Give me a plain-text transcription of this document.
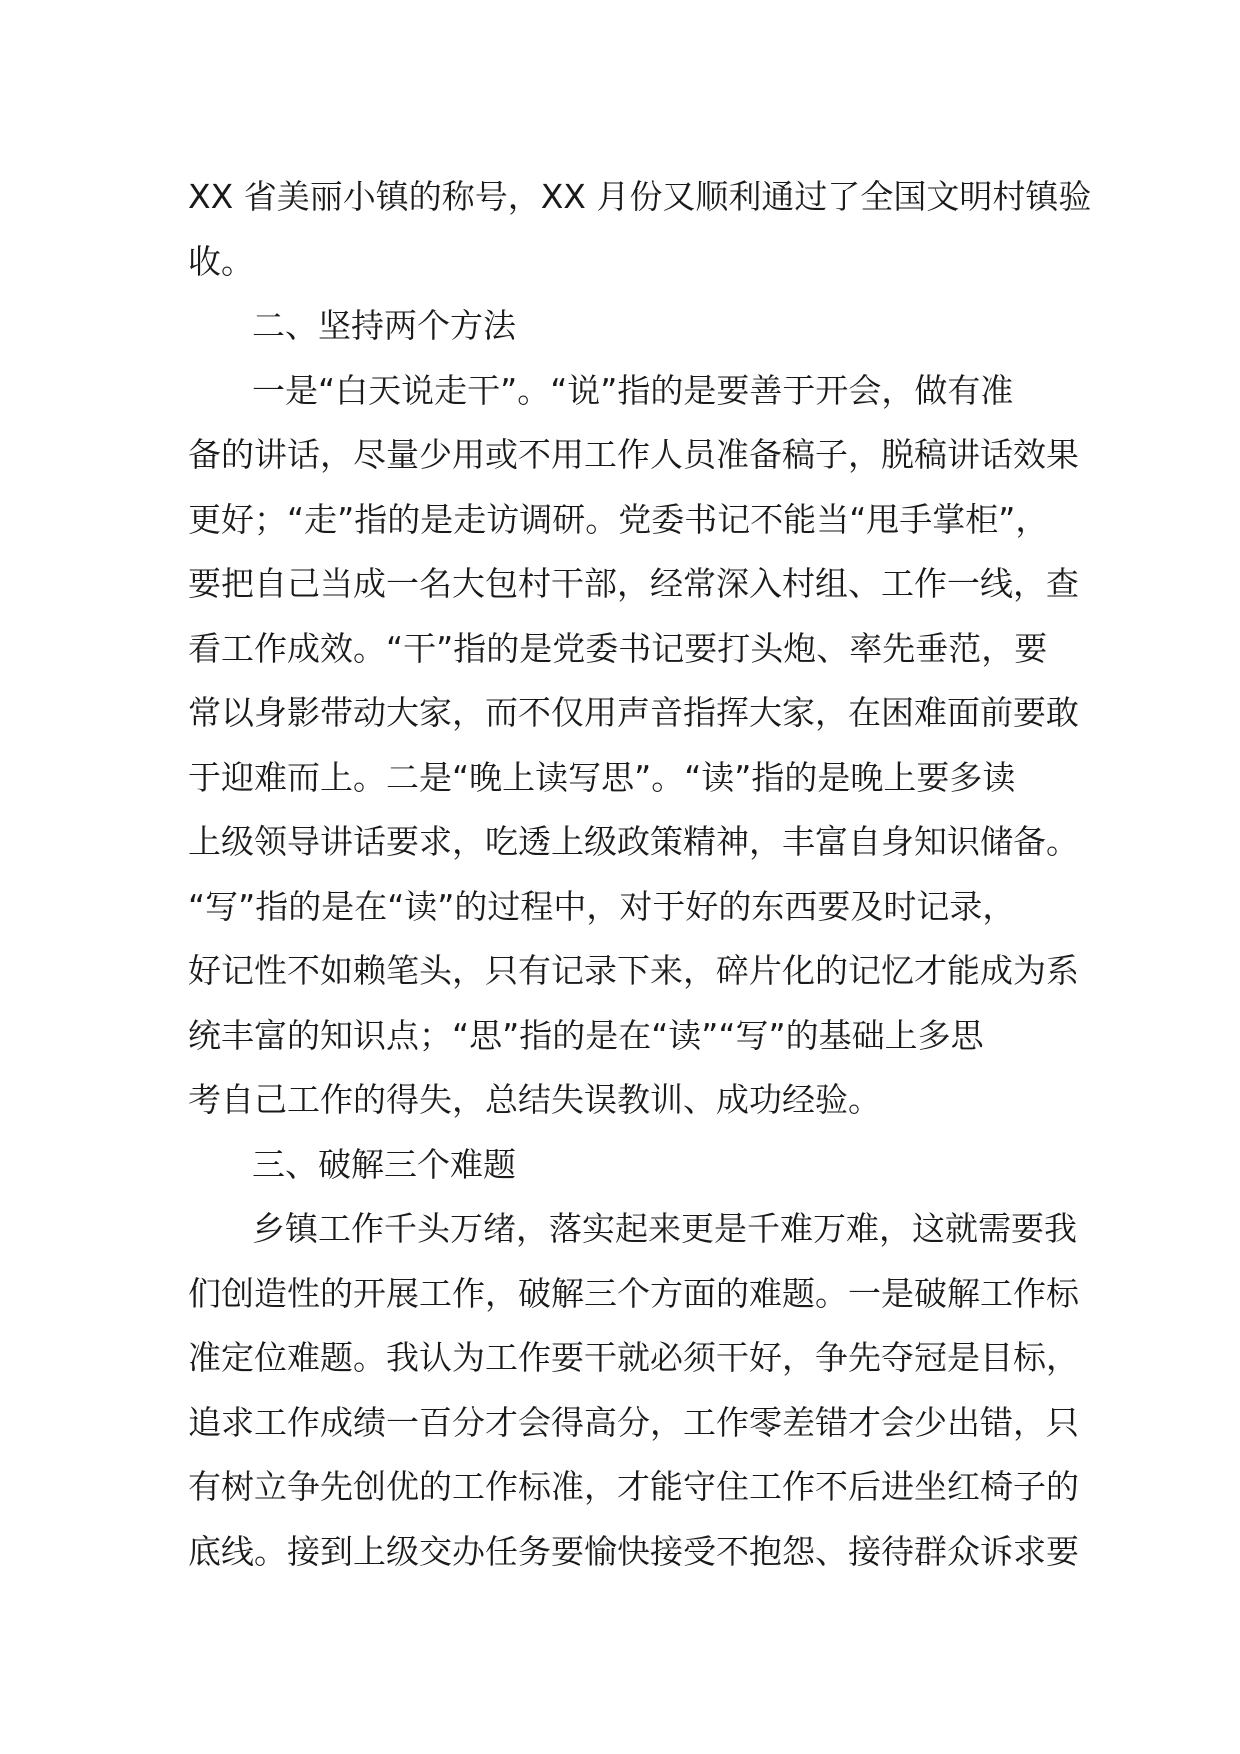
XX 省美丽小镇的称号，XX 月份又顺利通过了全国文明村镇验
收。
二、坚持两个方法
一是“白天说走干”。“说”指的是要善于开会，做有准
备的讲话，尽量少用或不用工作人员准备稿子，脱稿讲话效果
更好；“走”指的是走访调研。党委书记不能当“甩手掌柜”，
要把自己当成一名大包村干部，经常深入村组、工作一线，查
看工作成效。“干”指的是党委书记要打头炮、率先垂范，要
常以身影带动大家，而不仅用声音指挥大家，在困难面前要敢
于迎难而上。二是“晚上读写思”。“读”指的是晚上要多读
上级领导讲话要求，吃透上级政策精神，丰富自身知识储备。
“写”指的是在“读”的过程中，对于好的东西要及时记录，
好记性不如赖笔头，只有记录下来，碎片化的记忆才能成为系
统丰富的知识点；“思”指的是在“读”“写”的基础上多思
考自己工作的得失，总结失误教训、成功经验。
三、破解三个难题
乡镇工作千头万绪，落实起来更是千难万难，这就需要我
们创造性的开展工作，破解三个方面的难题。一是破解工作标
准定位难题。我认为工作要干就必须干好，争先夺冠是目标，
追求工作成绩一百分才会得高分，工作零差错才会少出错，只
有树立争先创优的工作标准，才能守住工作不后进坐红椅子的
底线。接到上级交办任务要愉快接受不抱怨、接待群众诉求要
